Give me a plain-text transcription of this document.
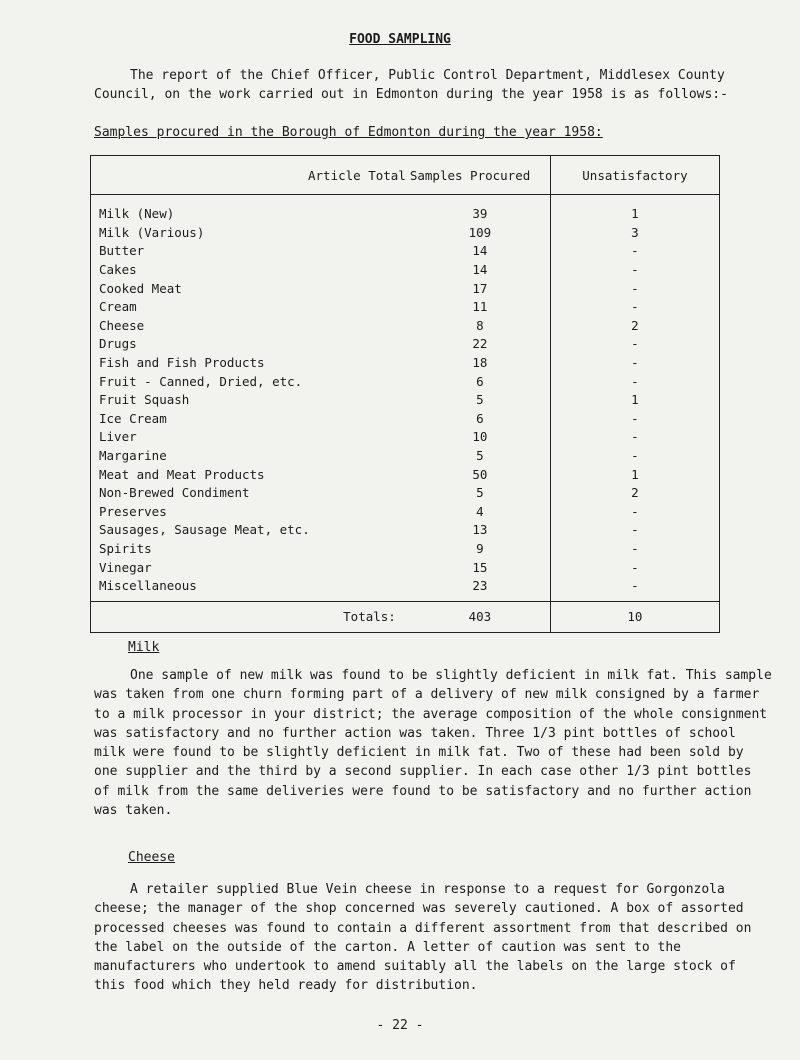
FOOD SAMPLING

The report of the Chief Officer, Public Control Department, Middlesex County Council, on the work carried out in Edmonton during the year 1958 is as follows:-

Samples procured in the Borough of Edmonton during the year 1958:
Article Total	Samples Procured	Unsatisfactory

Milk (New)	39	1
Milk (Various)	109	3
Butter	14	-
Cakes	14	-
Cooked Meat	17	-
Cream	11	-
Cheese	8	2
Drugs	22	-
Fish and Fish Products	18	-
Fruit - Canned, Dried, etc.	6	-
Fruit Squash	5	1
Ice Cream	6	-
Liver	10	-
Margarine	5	-
Meat and Meat Products	50	1
Non-Brewed Condiment	5	2
Preserves	4	-
Sausages, Sausage Meat, etc.	13	-
Spirits	9	-
Vinegar	15	-
Miscellaneous	23	-
Totals:	403	10
Milk

One sample of new milk was found to be slightly deficient in milk fat. This sample was taken from one churn forming part of a delivery of new milk consigned by a farmer to a milk processor in your district; the average composition of the whole consignment was satisfactory and no further action was taken. Three 1/3 pint bottles of school milk were found to be slightly deficient in milk fat. Two of these had been sold by one supplier and the third by a second supplier. In each case other 1/3 pint bottles of milk from the same deliveries were found to be satisfactory and no further action was taken.

Cheese

A retailer supplied Blue Vein cheese in response to a request for Gorgonzola cheese; the manager of the shop concerned was severely cautioned. A box of assorted processed cheeses was found to contain a different assortment from that described on the label on the outside of the carton. A letter of caution was sent to the manufacturers who undertook to amend suitably all the labels on the large stock of this food which they held ready for distribution.

- 22 -
